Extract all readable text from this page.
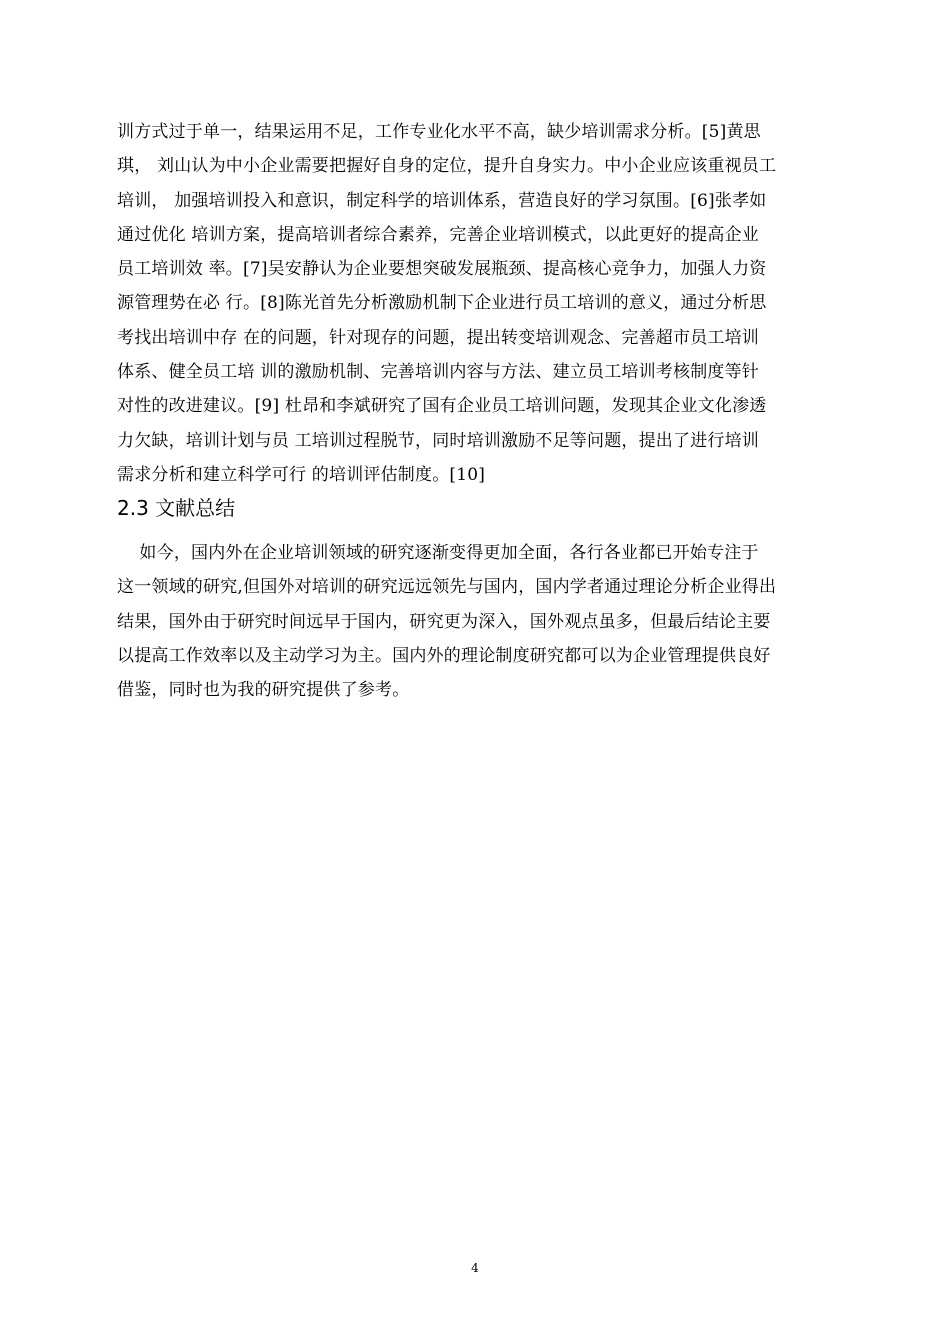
训方式过于单一，结果运用不足，工作专业化水平不高，缺少培训需求分析。[5]黄思
琪， 刘山认为中小企业需要把握好自身的定位，提升自身实力。中小企业应该重视员工
培训， 加强培训投入和意识，制定科学的培训体系，营造良好的学习氛围。[6]张孝如
通过优化 培训方案，提高培训者综合素养，完善企业培训模式，以此更好的提高企业
员工培训效 率。[7]吴安静认为企业要想突破发展瓶颈、提高核心竞争力，加强人力资
源管理势在必 行。[8]陈光首先分析激励机制下企业进行员工培训的意义，通过分析思
考找出培训中存 在的问题，针对现存的问题，提出转变培训观念、完善超市员工培训
体系、健全员工培 训的激励机制、完善培训内容与方法、建立员工培训考核制度等针
对性的改进建议。[9] 杜昂和李斌研究了国有企业员工培训问题，发现其企业文化渗透
力欠缺，培训计划与员 工培训过程脱节，同时培训激励不足等问题，提出了进行培训
需求分析和建立科学可行 的培训评估制度。[10]
2.3 文献总结
如今，国内外在企业培训领域的研究逐渐变得更加全面，各行各业都已开始专注于
这一领域的研究,但国外对培训的研究远远领先与国内，国内学者通过理论分析企业得出
结果，国外由于研究时间远早于国内，研究更为深入，国外观点虽多，但最后结论主要
以提高工作效率以及主动学习为主。国内外的理论制度研究都可以为企业管理提供良好
借鉴，同时也为我的研究提供了参考。
4
